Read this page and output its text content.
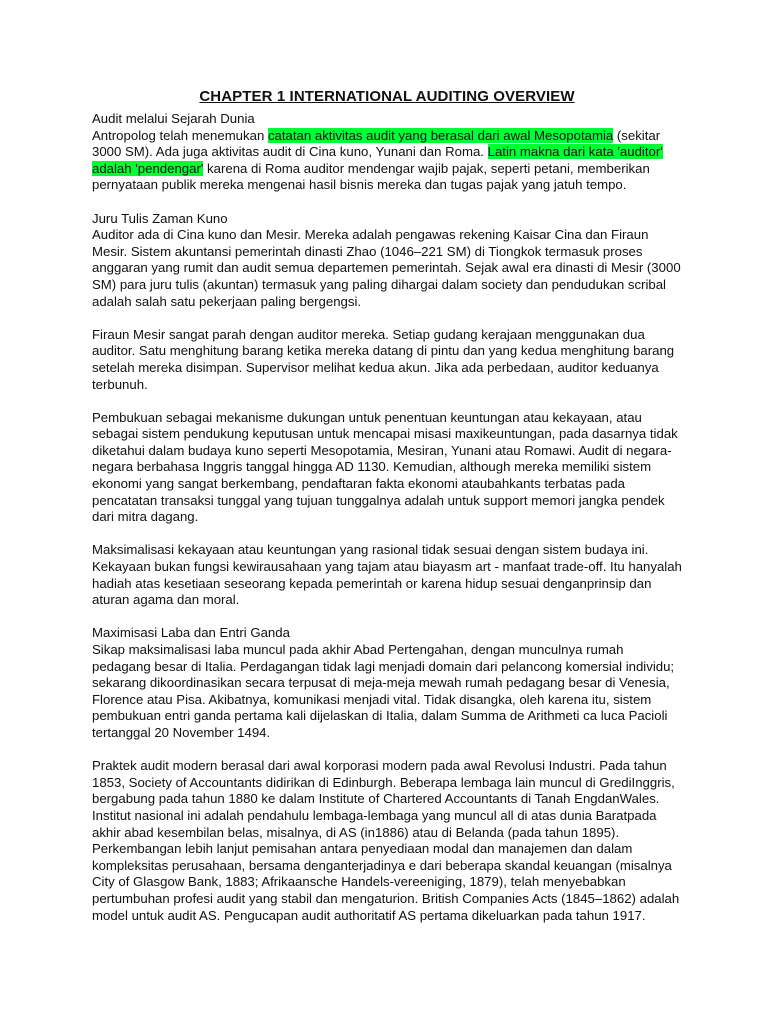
CHAPTER 1 INTERNATIONAL AUDITING OVERVIEW

Audit melalui Sejarah Dunia

Antropolog telah menemukan catatan aktivitas audit yang berasal dari awal Mesopotamia (sekitar 3000 SM). Ada juga aktivitas audit di Cina kuno, Yunani dan Roma. Latin makna dari kata 'auditor' adalah 'pendengar' karena di Roma auditor mendengar wajib pajak, seperti petani, memberikan pernyataan publik mereka mengenai hasil bisnis mereka dan tugas pajak yang jatuh tempo.

Juru Tulis Zaman Kuno

Auditor ada di Cina kuno dan Mesir. Mereka adalah pengawas rekening Kaisar Cina dan Firaun Mesir. Sistem akuntansi pemerintah dinasti Zhao (1046–221 SM) di Tiongkok termasuk proses anggaran yang rumit dan audit semua departemen pemerintah. Sejak awal era dinasti di Mesir (3000 SM) para juru tulis (akuntan) termasuk yang paling dihargai dalam society dan pendudukan scribal adalah salah satu pekerjaan paling bergengsi.

Firaun Mesir sangat parah dengan auditor mereka. Setiap gudang kerajaan menggunakan dua auditor. Satu menghitung barang ketika mereka datang di pintu dan yang kedua menghitung barang setelah mereka disimpan. Supervisor melihat kedua akun. Jika ada perbedaan, auditor keduanya terbunuh.

Pembukuan sebagai mekanisme dukungan untuk penentuan keuntungan atau kekayaan, atau sebagai sistem pendukung keputusan untuk mencapai misasi maxikeuntungan, pada dasarnya tidak diketahui dalam budaya kuno seperti Mesopotamia, Mesiran, Yunani atau Romawi. Audit di negara-negara berbahasa Inggris tanggal hingga AD 1130. Kemudian, although mereka memiliki sistem ekonomi yang sangat berkembang, pendaftaran fakta ekonomi ataubahkants terbatas pada pencatatan transaksi tunggal yang tujuan tunggalnya adalah untuk support memori jangka pendek dari mitra dagang.

Maksimalisasi kekayaan atau keuntungan yang rasional tidak sesuai dengan sistem budaya ini. Kekayaan bukan fungsi kewirausahaan yang tajam atau biayasm art - manfaat trade-off. Itu hanyalah hadiah atas kesetiaan seseorang kepada pemerintah or karena hidup sesuai denganprinsip dan aturan agama dan moral.

Maximisasi Laba dan Entri Ganda

Sikap maksimalisasi laba muncul pada akhir Abad Pertengahan, dengan munculnya rumah pedagang besar di Italia. Perdagangan tidak lagi menjadi domain dari pelancong komersial individu; sekarang dikoordinasikan secara terpusat di meja-meja mewah rumah pedagang besar di Venesia, Florence atau Pisa. Akibatnya, komunikasi menjadi vital. Tidak disangka, oleh karena itu, sistem pembukuan entri ganda pertama kali dijelaskan di Italia, dalam Summa de Arithmeti ca luca Pacioli tertanggal 20 November 1494.

Praktek audit modern berasal dari awal korporasi modern pada awal Revolusi Industri. Pada tahun 1853, Society of Accountants didirikan di Edinburgh. Beberapa lembaga lain muncul di GrediInggris, bergabung pada tahun 1880 ke dalam Institute of Chartered Accountants di Tanah EngdanWales. Institut nasional ini adalah pendahulu lembaga-lembaga yang muncul all di atas dunia Baratpada akhir abad kesembilan belas, misalnya, di AS (in1886) atau di Belanda (pada tahun 1895). Perkembangan lebih lanjut pemisahan antara penyediaan modal dan manajemen dan dalam kompleksitas perusahaan, bersama denganterjadinya e dari beberapa skandal keuangan (misalnya City of Glasgow Bank, 1883; Afrikaansche Handels-vereeniging, 1879), telah menyebabkan pertumbuhan profesi audit yang stabil dan mengaturion. British Companies Acts (1845–1862) adalah model untuk audit AS. Pengucapan audit authoritatif AS pertama dikeluarkan pada tahun 1917.
